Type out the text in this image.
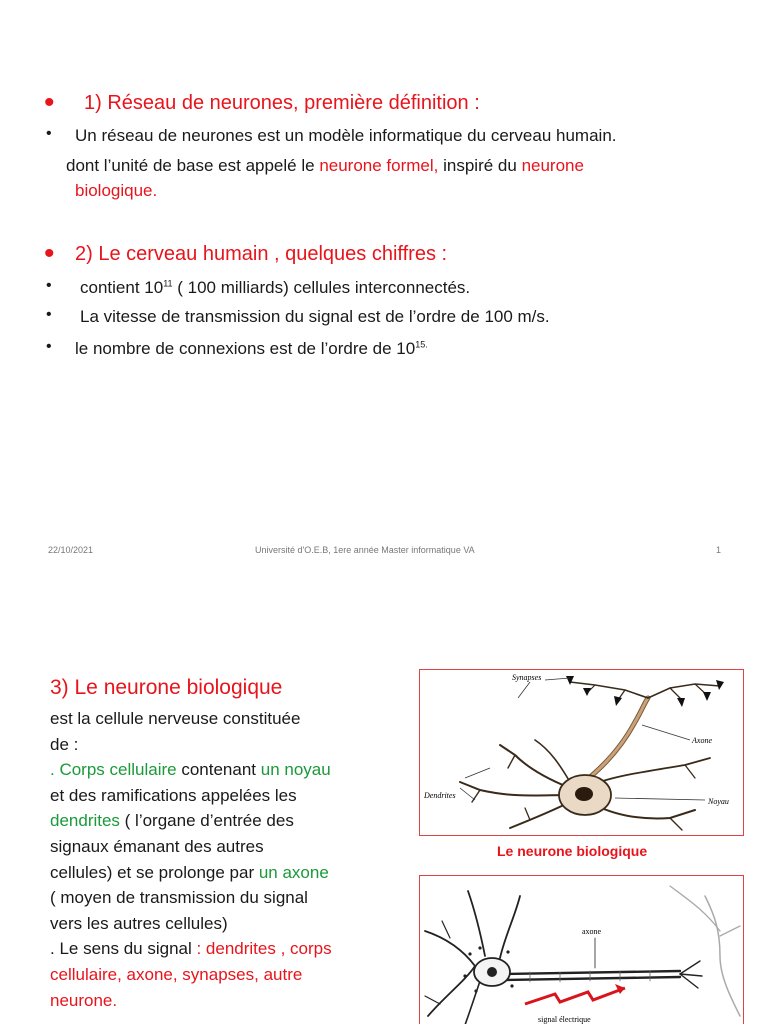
• 1) Réseau de neurones, première définition :
• Un réseau de neurones est un modèle informatique du cerveau humain.
dont l’unité de base est appelé le neurone formel, inspiré du neurone
biologique.
• 2) Le cerveau humain , quelques chiffres :
• contient $10^{11}$ ( 100 milliards) cellules interconnectés.
• La vitesse de transmission du signal est de l’ordre de 100 m/s.
• le nombre de connexions est de l’ordre de $10^{15.}$
22/10/2021	Université d'O.E.B, 1ere année Master informatique VA	1
3) Le neurone biologique
est la cellule nerveuse constituée
de :
. Corps cellulaire contenant un noyau
et des ramifications appelées les
dendrites ( l’organe d’entrée des
signaux émanant des autres
cellules) et se prolonge par un axone
( moyen de transmission du signal
vers les autres cellules)
. Le sens du signal : dendrites , corps
cellulaire, axone, synapses, autre
neurone.
Synapses
Axone
Dendrites
Noyau
Le neurone biologique
axone
signal électrique
